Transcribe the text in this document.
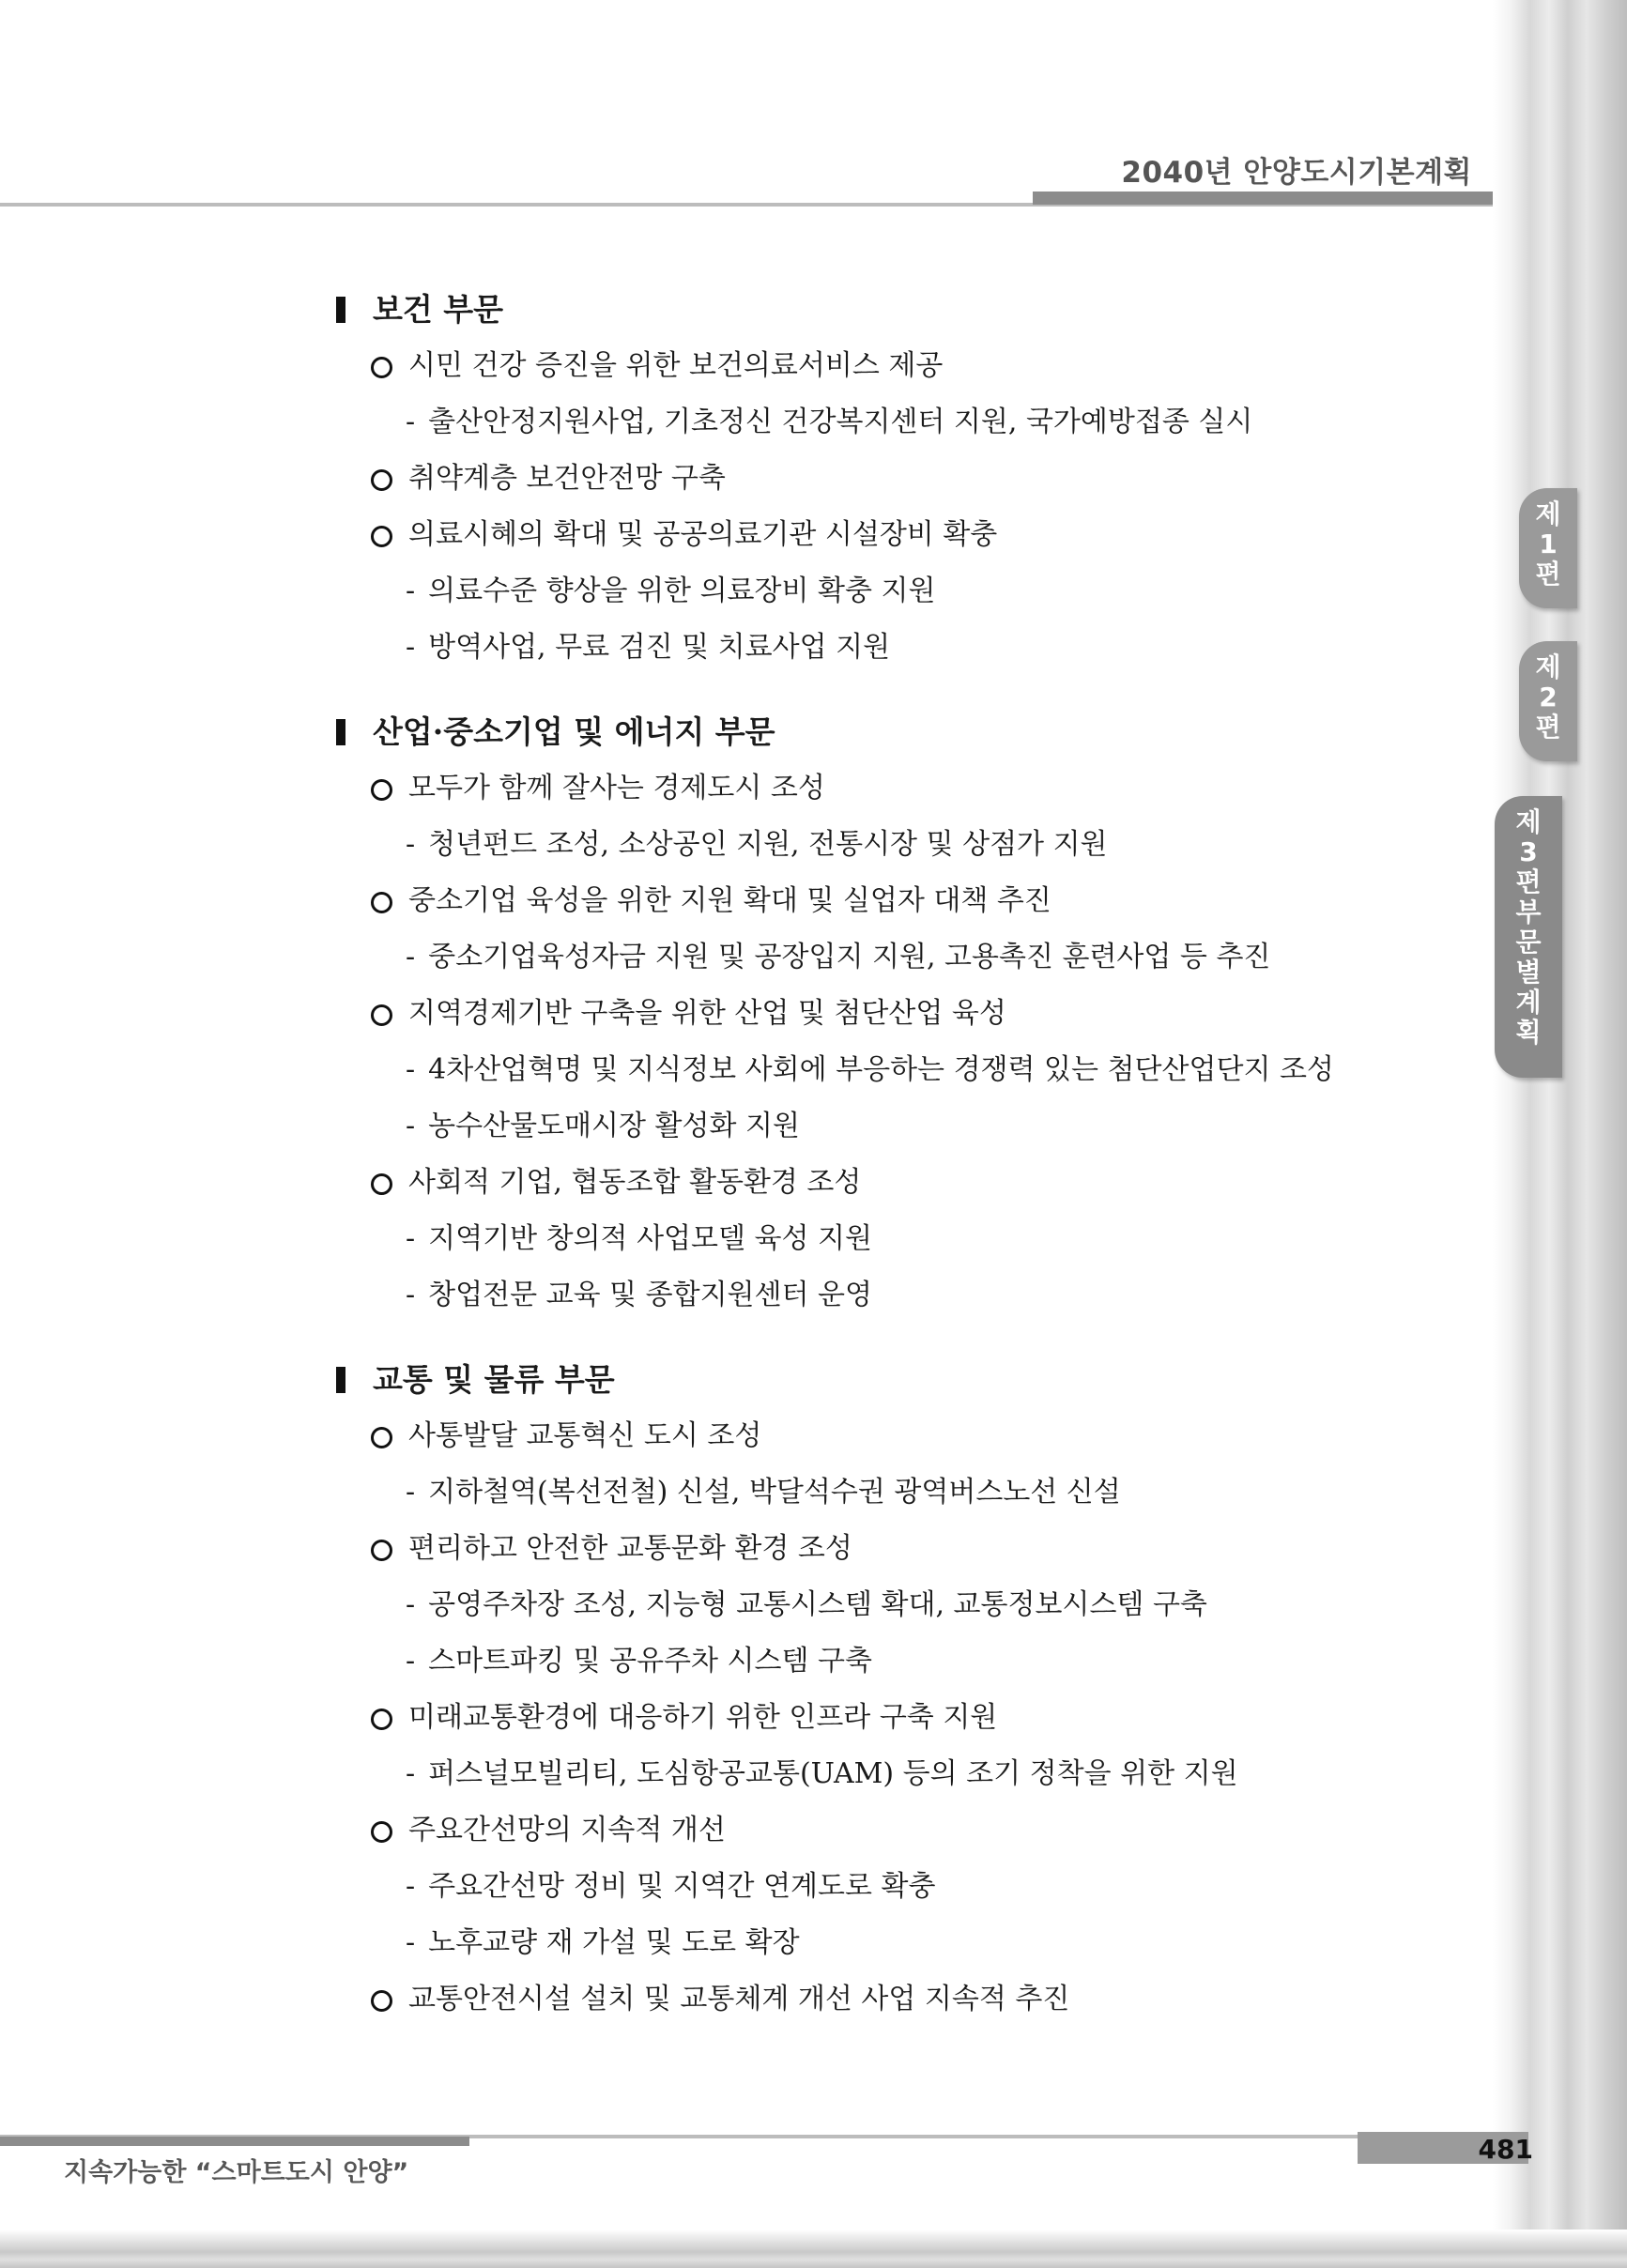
2040년 안양도시기본계획
제
1
편
제
2
편
제
3
편
부
문
별
계
획
보건 부문
시민 건강 증진을 위한 보건의료서비스 제공
- 출산안정지원사업, 기초정신 건강복지센터 지원, 국가예방접종 실시
취약계층 보건안전망 구축
의료시혜의 확대 및 공공의료기관 시설장비 확충
- 의료수준 향상을 위한 의료장비 확충 지원
- 방역사업, 무료 검진 및 치료사업 지원
산업·중소기업 및 에너지 부문
모두가 함께 잘사는 경제도시 조성
- 청년펀드 조성, 소상공인 지원, 전통시장 및 상점가 지원
중소기업 육성을 위한 지원 확대 및 실업자 대책 추진
- 중소기업육성자금 지원 및 공장입지 지원, 고용촉진 훈련사업 등 추진
지역경제기반 구축을 위한 산업 및 첨단산업 육성
- 4차산업혁명 및 지식정보 사회에 부응하는 경쟁력 있는 첨단산업단지 조성
- 농수산물도매시장 활성화 지원
사회적 기업, 협동조합 활동환경 조성
- 지역기반 창의적 사업모델 육성 지원
- 창업전문 교육 및 종합지원센터 운영
교통 및 물류 부문
사통발달 교통혁신 도시 조성
- 지하철역(복선전철) 신설, 박달석수권 광역버스노선 신설
편리하고 안전한 교통문화 환경 조성
- 공영주차장 조성, 지능형 교통시스템 확대, 교통정보시스템 구축
- 스마트파킹 및 공유주차 시스템 구축
미래교통환경에 대응하기 위한 인프라 구축 지원
- 퍼스널모빌리티, 도심항공교통(UAM) 등의 조기 정착을 위한 지원
주요간선망의 지속적 개선
- 주요간선망 정비 및 지역간 연계도로 확충
- 노후교량 재 가설 및 도로 확장
교통안전시설 설치 및 교통체계 개선 사업 지속적 추진
481
지속가능한 “스마트도시 안양”
